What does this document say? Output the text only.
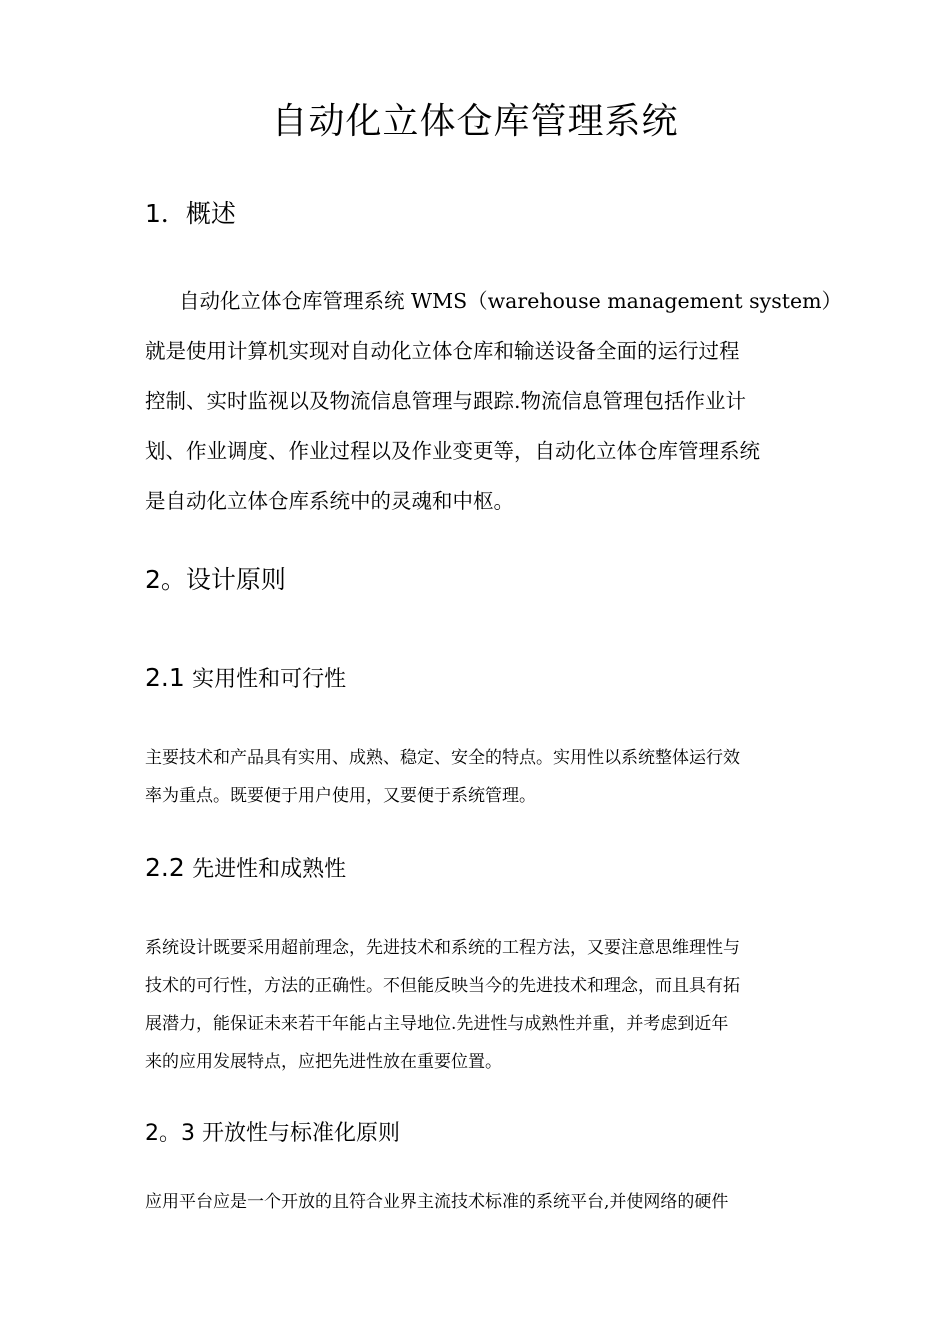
自动化立体仓库管理系统
1．概述

自动化立体仓库管理系统 WMS（warehouse management system）
就是使用计算机实现对自动化立体仓库和输送设备全面的运行过程
控制、实时监视以及物流信息管理与跟踪.物流信息管理包括作业计
划、作业调度、作业过程以及作业变更等，自动化立体仓库管理系统
是自动化立体仓库系统中的灵魂和中枢。

2。设计原则
2.1 实用性和可行性

主要技术和产品具有实用、成熟、稳定、安全的特点。实用性以系统整体运行效
率为重点。既要便于用户使用，又要便于系统管理。

2.2 先进性和成熟性

系统设计既要采用超前理念，先进技术和系统的工程方法，又要注意思维理性与
技术的可行性，方法的正确性。不但能反映当今的先进技术和理念，而且具有拓
展潜力，能保证未来若干年能占主导地位.先进性与成熟性并重，并考虑到近年
来的应用发展特点，应把先进性放在重要位置。

2。3 开放性与标准化原则

应用平台应是一个开放的且符合业界主流技术标准的系统平台,并使网络的硬件
